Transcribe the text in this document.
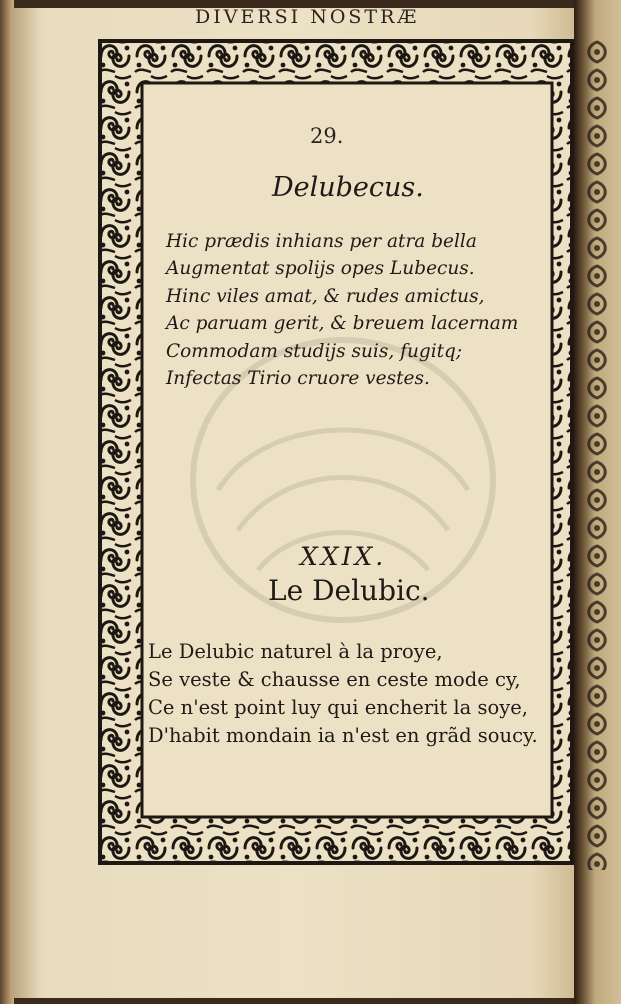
DIVERSI NOSTRÆ
29.
Delubecus.
Hic prædis inhians per atra bella
Augmentat spolijs opes Lubecus.
Hinc viles amat, & rudes amictus,
Ac paruam gerit, & breuem lacernam
Commodam studijs suis, fugitq;
Infectas Tirio cruore vestes.
XXIX.
Le Delubic.
Le Delubic naturel à la proye,
Se veste & chausse en ceste mode cy,
Ce n'est point luy qui encherit la soye,
D'habit mondain ia n'est en grãd soucy.
